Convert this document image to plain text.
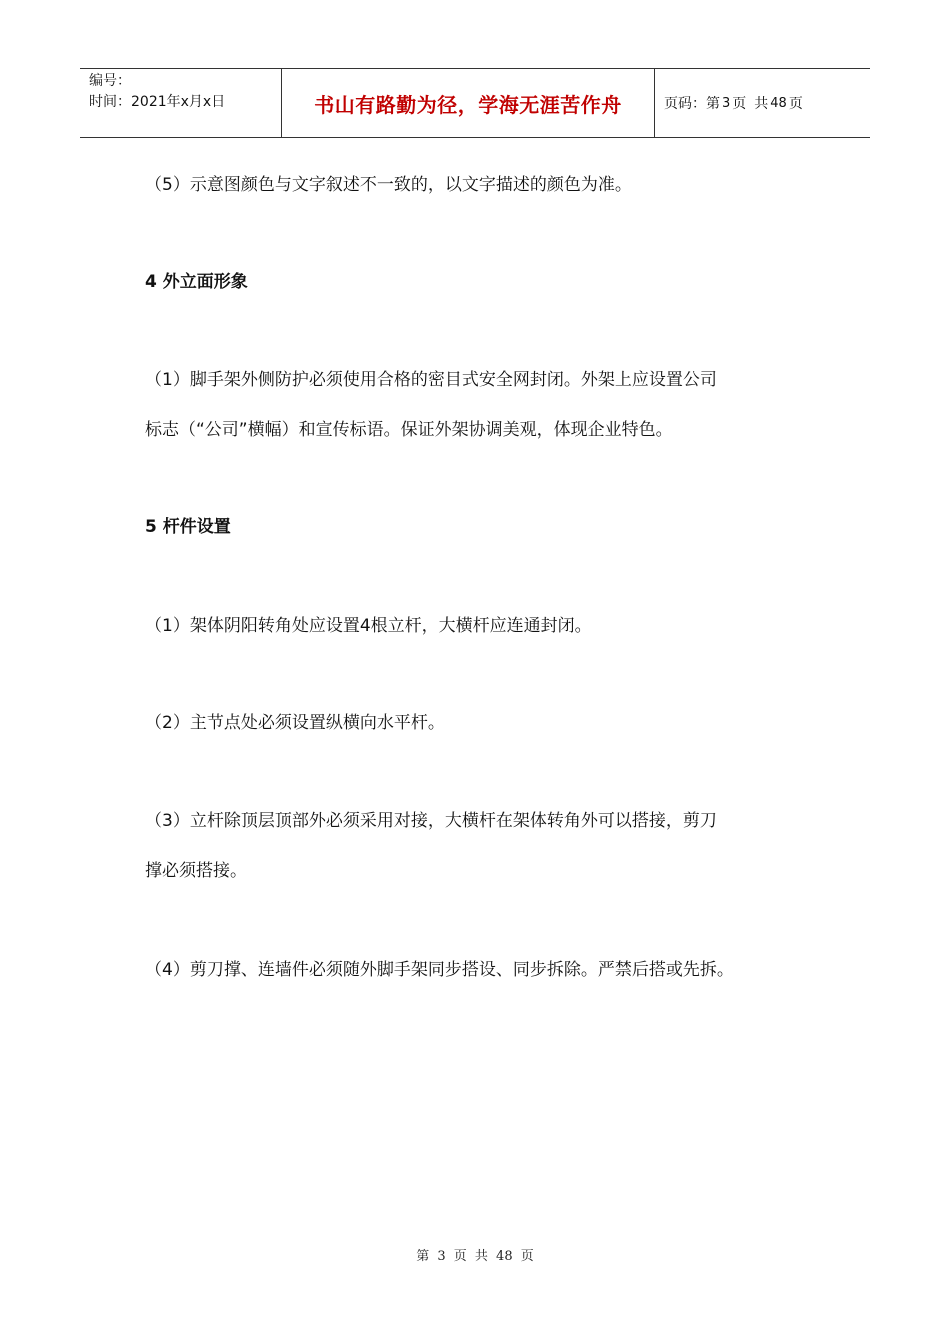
编号：
时间：2021年x月x日	书山有路勤为径，学海无涯苦作舟	页码：第 3 页 共 48 页

（5）示意图颜色与文字叙述不一致的，以文字描述的颜色为准。

4 外立面形象

（1）脚手架外侧防护必须使用合格的密目式安全网封闭。外架上应设置公司

标志（“公司”横幅）和宣传标语。保证外架协调美观，体现企业特色。

5 杆件设置

（1）架体阴阳转角处应设置4根立杆，大横杆应连通封闭。

（2）主节点处必须设置纵横向水平杆。

（3）立杆除顶层顶部外必须采用对接，大横杆在架体转角外可以搭接，剪刀

撑必须搭接。

（4）剪刀撑、连墙件必须随外脚手架同步搭设、同步拆除。严禁后搭或先拆。

第 3 页 共 48 页
